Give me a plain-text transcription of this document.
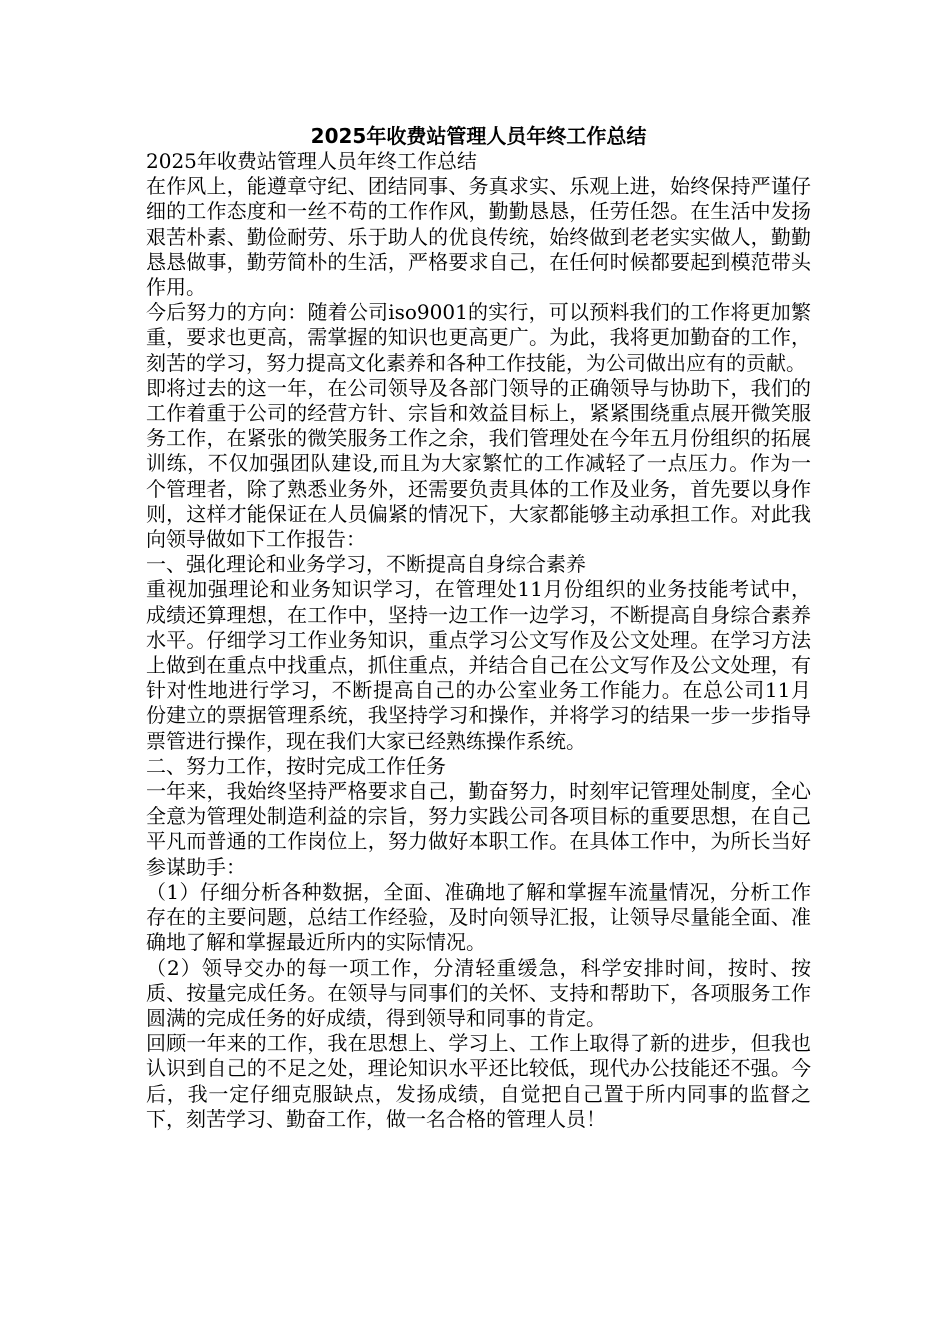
2025年收费站管理人员年终工作总结

2025年收费站管理人员年终工作总结

在作风上，能遵章守纪、团结同事、务真求实、乐观上进，始终保持严谨仔细的工作态度和一丝不苟的工作作风，勤勤恳恳，任劳任怨。在生活中发扬艰苦朴素、勤俭耐劳、乐于助人的优良传统，始终做到老老实实做人，勤勤恳恳做事，勤劳简朴的生活，严格要求自己，在任何时候都要起到模范带头作用。

今后努力的方向：随着公司iso9001的实行，可以预料我们的工作将更加繁重，要求也更高，需掌握的知识也更高更广。为此，我将更加勤奋的工作，刻苦的学习，努力提高文化素养和各种工作技能，为公司做出应有的贡献。

即将过去的这一年，在公司领导及各部门领导的正确领导与协助下，我们的工作着重于公司的经营方针、宗旨和效益目标上，紧紧围绕重点展开微笑服务工作，在紧张的微笑服务工作之余，我们管理处在今年五月份组织的拓展训练，不仅加强团队建设,而且为大家繁忙的工作减轻了一点压力。作为一个管理者，除了熟悉业务外，还需要负责具体的工作及业务，首先要以身作则，这样才能保证在人员偏紧的情况下，大家都能够主动承担工作。对此我向领导做如下工作报告：

一、强化理论和业务学习，不断提高自身综合素养

重视加强理论和业务知识学习，在管理处11月份组织的业务技能考试中，成绩还算理想，在工作中，坚持一边工作一边学习，不断提高自身综合素养水平。仔细学习工作业务知识，重点学习公文写作及公文处理。在学习方法上做到在重点中找重点，抓住重点，并结合自己在公文写作及公文处理，有针对性地进行学习，不断提高自己的办公室业务工作能力。在总公司11月份建立的票据管理系统，我坚持学习和操作，并将学习的结果一步一步指导票管进行操作，现在我们大家已经熟练操作系统。

二、努力工作，按时完成工作任务

一年来，我始终坚持严格要求自己，勤奋努力，时刻牢记管理处制度，全心全意为管理处制造利益的宗旨，努力实践公司各项目标的重要思想，在自己平凡而普通的工作岗位上，努力做好本职工作。在具体工作中，为所长当好参谋助手：

（1）仔细分析各种数据，全面、准确地了解和掌握车流量情况，分析工作存在的主要问题，总结工作经验，及时向领导汇报，让领导尽量能全面、准确地了解和掌握最近所内的实际情况。

（2）领导交办的每一项工作，分清轻重缓急，科学安排时间，按时、按质、按量完成任务。在领导与同事们的关怀、支持和帮助下，各项服务工作圆满的完成任务的好成绩，得到领导和同事的肯定。

回顾一年来的工作，我在思想上、学习上、工作上取得了新的进步，但我也认识到自己的不足之处，理论知识水平还比较低，现代办公技能还不强。今后，我一定仔细克服缺点，发扬成绩，自觉把自己置于所内同事的监督之下，刻苦学习、勤奋工作，做一名合格的管理人员！
